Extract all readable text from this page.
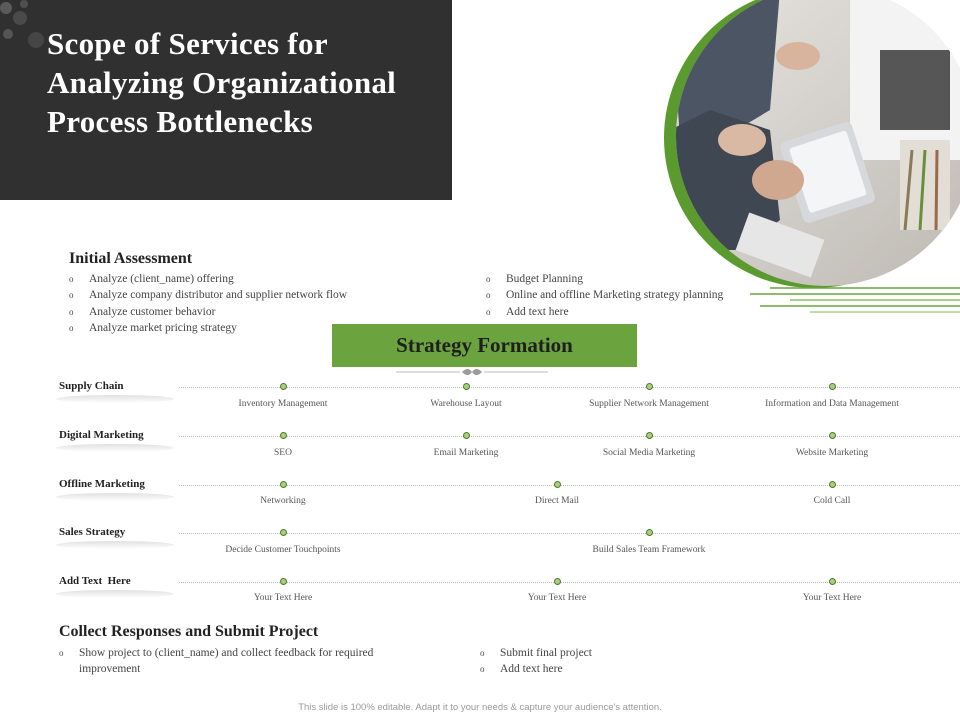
Scope of Services for Analyzing Organizational Process Bottlenecks
Initial Assessment
o Analyze (client_name) offering
o Analyze company distributor and supplier network flow
o Analyze customer behavior
o Analyze market pricing strategy
o Budget Planning
o Online and offline Marketing strategy planning
o Add text here
Strategy Formation
Supply Chain
Inventory Management	Warehouse Layout	Supplier Network Management	Information and Data Management
Digital Marketing
SEO	Email Marketing	Social Media Marketing	Website Marketing
Offline Marketing
Networking	Direct Mail	Cold Call
Sales Strategy
Decide Customer Touchpoints	Build Sales Team Framework
Add Text  Here
Your Text Here	Your Text Here	Your Text Here
Collect Responses and Submit Project
o Show project to (client_name) and collect feedback for required improvement
o Submit final project
o Add text here
This slide is 100% editable. Adapt it to your needs & capture your audience's attention.
